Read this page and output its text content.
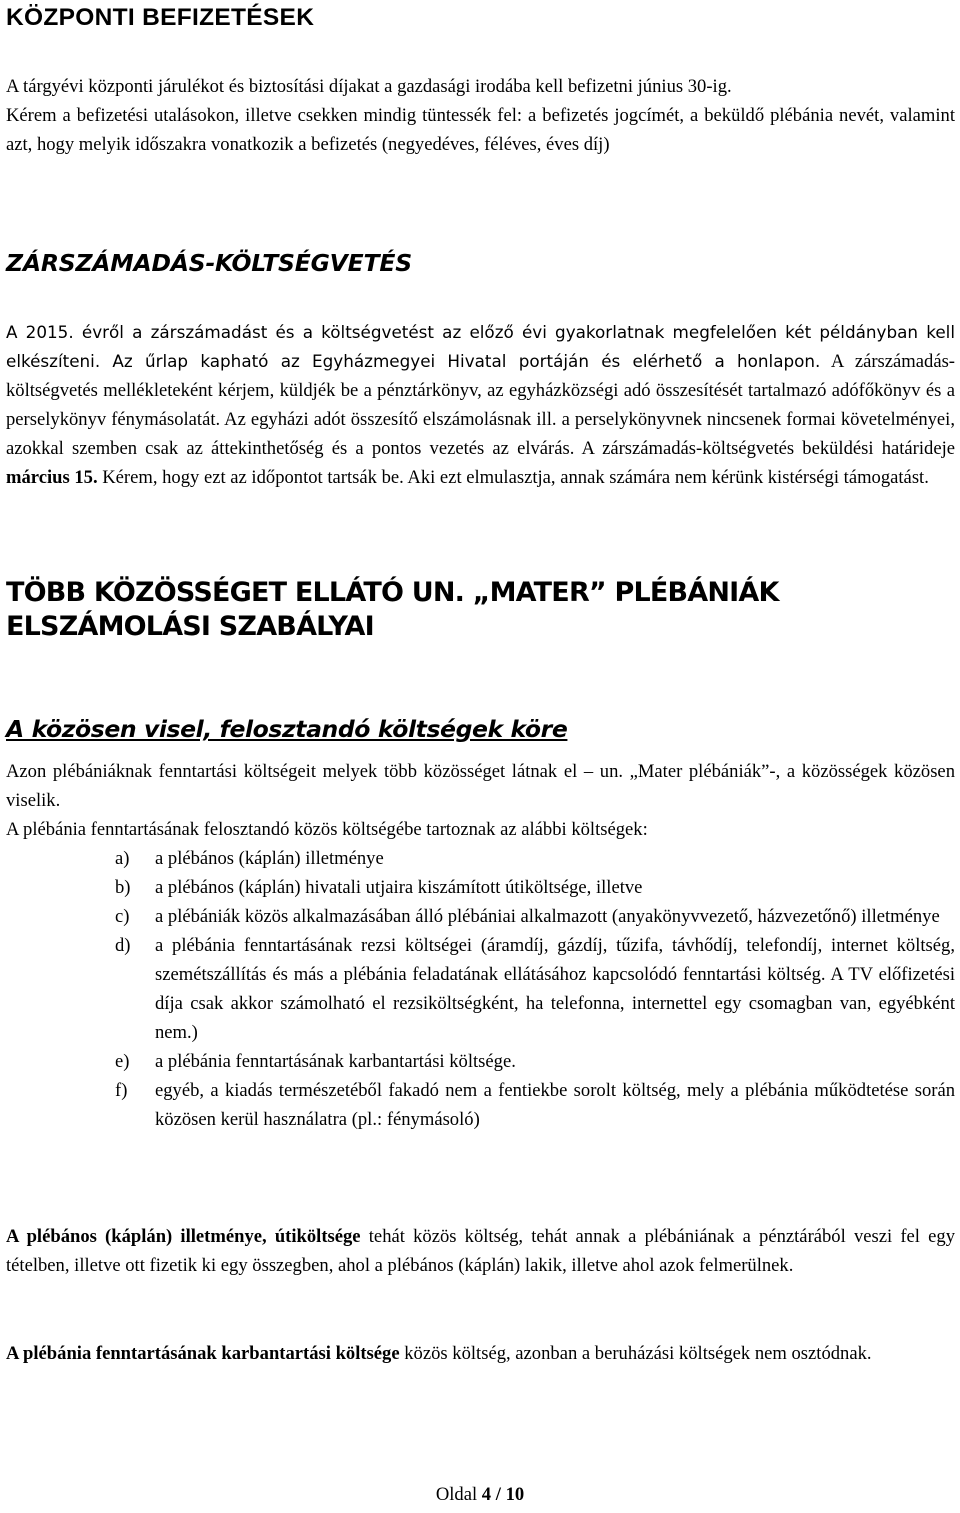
KÖZPONTI BEFIZETÉSEK

A tárgyévi központi járulékot és biztosítási díjakat a gazdasági irodába kell befizetni június 30-ig.

Kérem a befizetési utalásokon, illetve csekken mindig tüntessék fel: a befizetés jogcímét, a beküldő plébánia nevét, valamint azt, hogy melyik időszakra vonatkozik a befizetés (negyedéves, féléves, éves díj)

ZÁRSZÁMADÁS-KÖLTSÉGVETÉS

A 2015. évről a zárszámadást és a költségvetést az előző évi gyakorlatnak megfelelően két példányban kell elkészíteni. Az űrlap kapható az Egyházmegyei Hivatal portáján és elérhető a honlapon. A zárszámadás-költségvetés mellékleteként kérjem, küldjék be a pénztárkönyv, az egyházközségi adó összesítését tartalmazó adófőkönyv és a perselykönyv fénymásolatát. Az egyházi adót összesítő elszámolásnak ill. a perselykönyvnek nincsenek formai követelményei, azokkal szemben csak az áttekinthetőség és a pontos vezetés az elvárás. A zárszámadás-költségvetés beküldési határideje március 15. Kérem, hogy ezt az időpontot tartsák be. Aki ezt elmulasztja, annak számára nem kérünk kistérségi támogatást.

TÖBB KÖZÖSSÉGET ELLÁTÓ UN. „MATER” PLÉBÁNIÁK ELSZÁMOLÁSI SZABÁLYAI
A közösen visel, felosztandó költségek köre

Azon plébániáknak fenntartási költségeit melyek több közösséget látnak el – un. „Mater plébániák”-, a közösségek közösen viselik.

A plébánia fenntartásának felosztandó közös költségébe tartoznak az alábbi költségek:

a) a plébános (káplán) illetménye
b) a plébános (káplán) hivatali utjaira kiszámított útiköltsége, illetve
c) a plébániák közös alkalmazásában álló plébániai alkalmazott (anyakönyvvezető, házvezetőnő) illetménye
d) a plébánia fenntartásának rezsi költségei (áramdíj, gázdíj, tűzifa, távhődíj, telefondíj, internet költség, szemétszállítás és más a plébánia feladatának ellátásához kapcsolódó fenntartási költség. A TV előfizetési díja csak akkor számolható el rezsiköltségként, ha telefonna, internettel egy csomagban van, egyébként nem.)
e) a plébánia fenntartásának karbantartási költsége.
f) egyéb, a kiadás természetéből fakadó nem a fentiekbe sorolt költség, mely a plébánia működtetése során közösen kerül használatra (pl.: fénymásoló)

A plébános (káplán) illetménye, útiköltsége tehát közös költség, tehát annak a plébániának a pénztárából veszi fel egy tételben, illetve ott fizetik ki egy összegben, ahol a plébános (káplán) lakik, illetve ahol azok felmerülnek.

A plébánia fenntartásának karbantartási költsége közös költség, azonban a beruházási költségek nem osztódnak.

Oldal 4 / 10
